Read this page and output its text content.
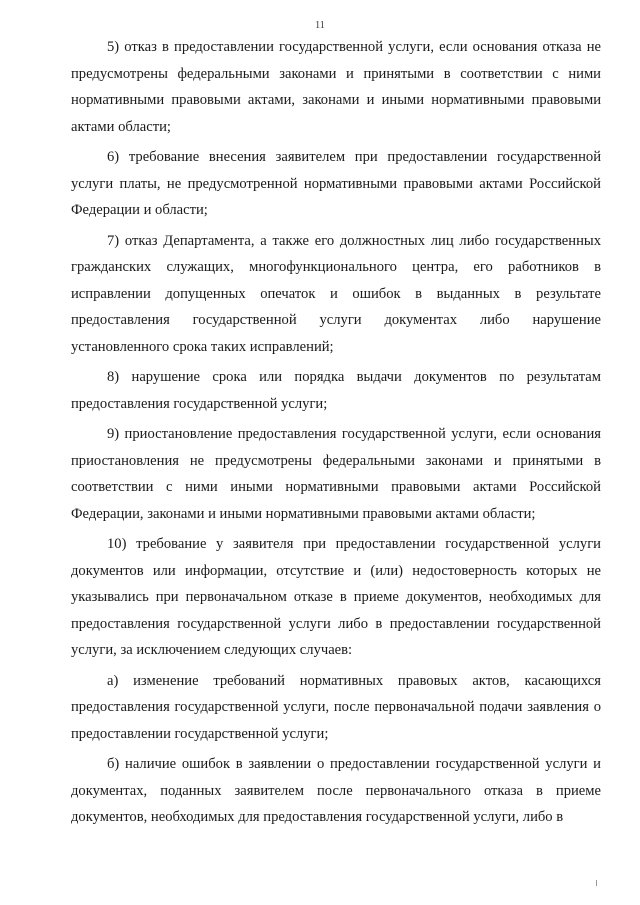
11

5) отказ в предоставлении государственной услуги, если основания отказа не предусмотрены федеральными законами и принятыми в соответствии с ними нормативными правовыми актами, законами и иными нормативными правовыми актами области;

6) требование внесения заявителем при предоставлении государственной услуги платы, не предусмотренной нормативными правовыми актами Российской Федерации и области;

7) отказ Департамента, а также его должностных лиц либо государственных гражданских служащих, многофункционального центра, его работников в исправлении допущенных опечаток и ошибок в выданных в результате предоставления государственной услуги документах либо нарушение установленного срока таких исправлений;

8) нарушение срока или порядка выдачи документов по результатам предоставления государственной услуги;

9) приостановление предоставления государственной услуги, если основания приостановления не предусмотрены федеральными законами и принятыми в соответствии с ними иными нормативными правовыми актами Российской Федерации, законами и иными нормативными правовыми актами области;

10) требование у заявителя при предоставлении государственной услуги документов или информации, отсутствие и (или) недостоверность которых не указывались при первоначальном отказе в приеме документов, необходимых для предоставления государственной услуги либо в предоставлении государственной услуги, за исключением следующих случаев:

а) изменение требований нормативных правовых актов, касающихся предоставления государственной услуги, после первоначальной подачи заявления о предоставлении государственной услуги;

б) наличие ошибок в заявлении о предоставлении государственной услуги и документах, поданных заявителем после первоначального отказа в приеме документов, необходимых для предоставления государственной услуги, либо в
